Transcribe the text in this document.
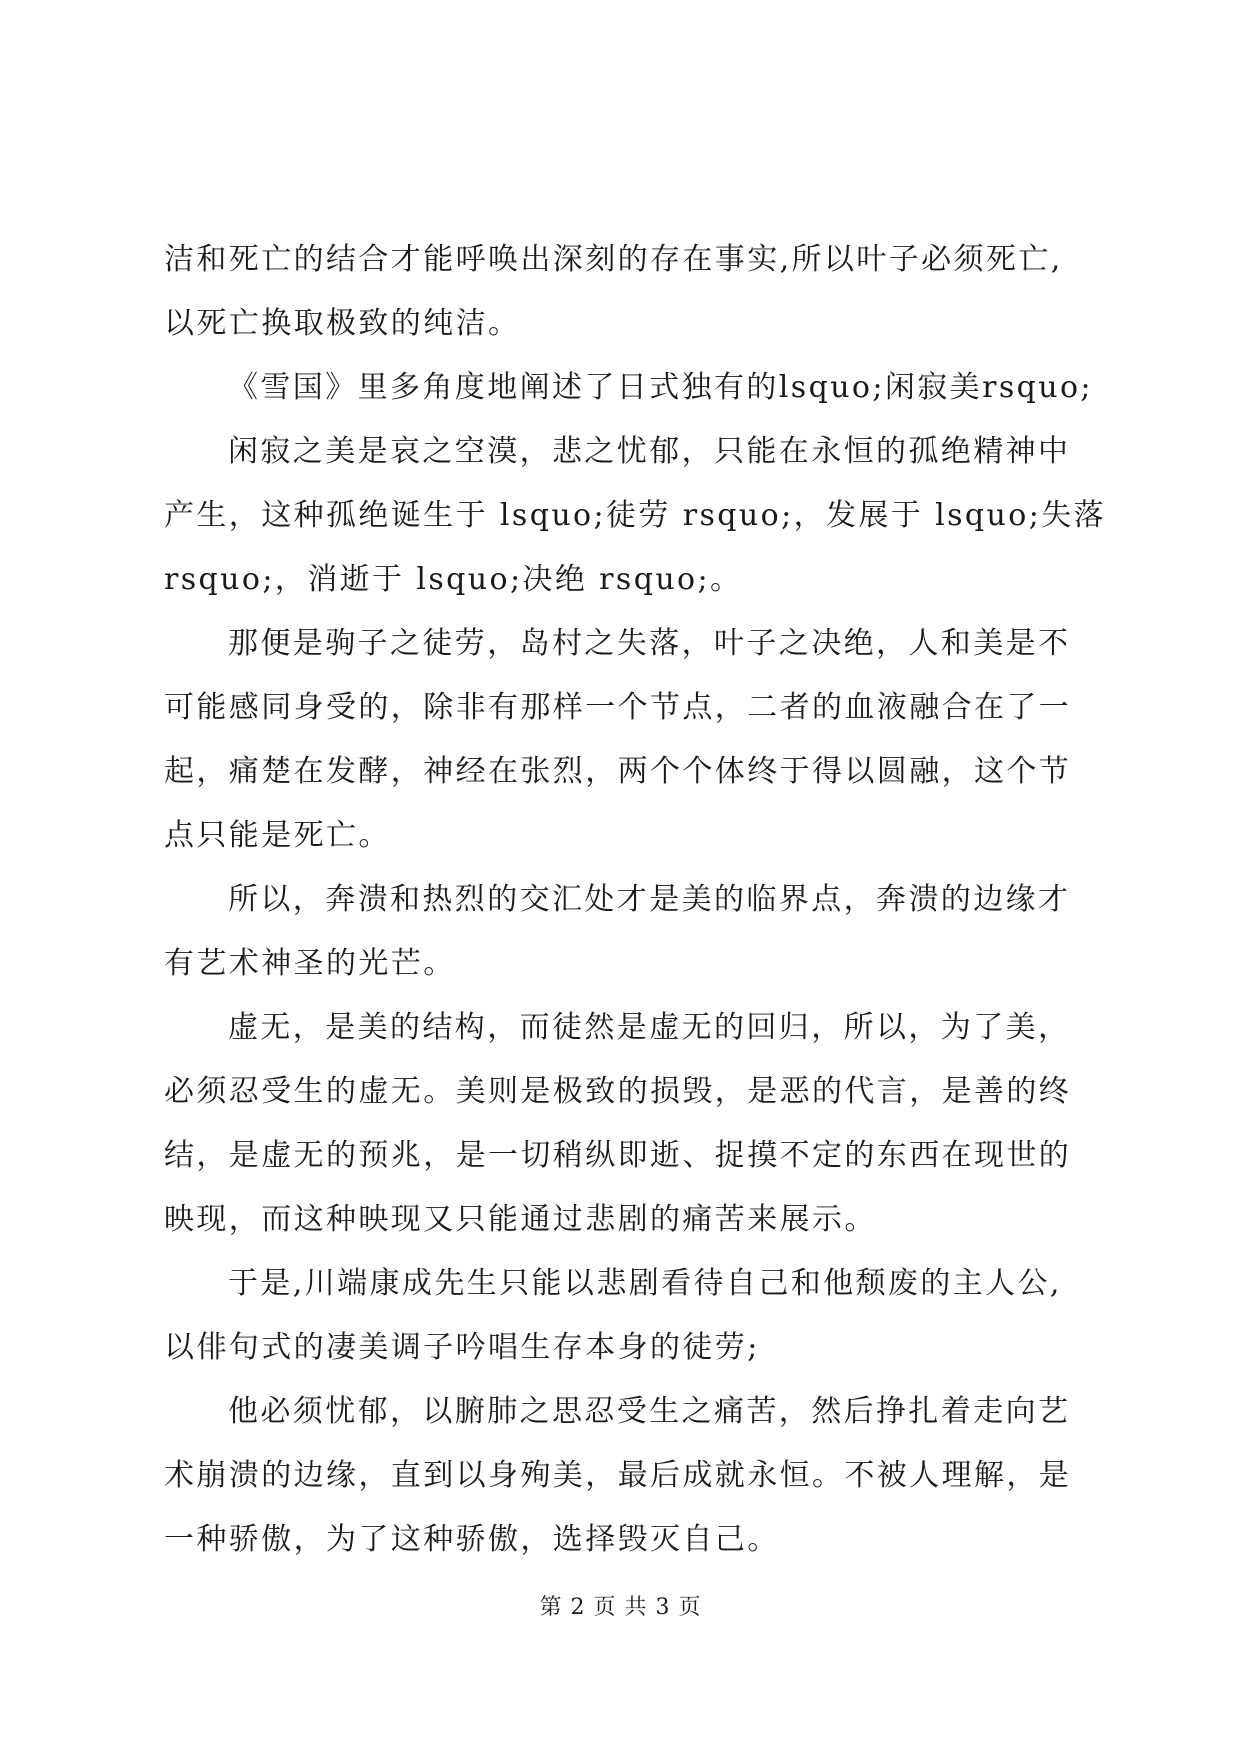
洁和死亡的结合才能呼唤出深刻的存在事实,所以叶子必须死亡,
以死亡换取极致的纯洁。
《雪国》里多角度地阐述了日式独有的lsquo;闲寂美rsquo;
闲寂之美是哀之空漠，悲之忧郁，只能在永恒的孤绝精神中
产生，这种孤绝诞生于 lsquo;徒劳 rsquo;，发展于 lsquo;失落
rsquo;，消逝于 lsquo;决绝 rsquo;。
那便是驹子之徒劳，岛村之失落，叶子之决绝，人和美是不
可能感同身受的，除非有那样一个节点，二者的血液融合在了一
起，痛楚在发酵，神经在张烈，两个个体终于得以圆融，这个节
点只能是死亡。
所以，奔溃和热烈的交汇处才是美的临界点，奔溃的边缘才
有艺术神圣的光芒。
虚无，是美的结构，而徒然是虚无的回归，所以，为了美，
必须忍受生的虚无。美则是极致的损毁，是恶的代言，是善的终
结，是虚无的预兆，是一切稍纵即逝、捉摸不定的东西在现世的
映现，而这种映现又只能通过悲剧的痛苦来展示。
于是,川端康成先生只能以悲剧看待自己和他颓废的主人公,
以俳句式的凄美调子吟唱生存本身的徒劳;
他必须忧郁，以腑肺之思忍受生之痛苦，然后挣扎着走向艺
术崩溃的边缘，直到以身殉美，最后成就永恒。不被人理解，是
一种骄傲，为了这种骄傲，选择毁灭自己。
第 2 页 共 3 页
